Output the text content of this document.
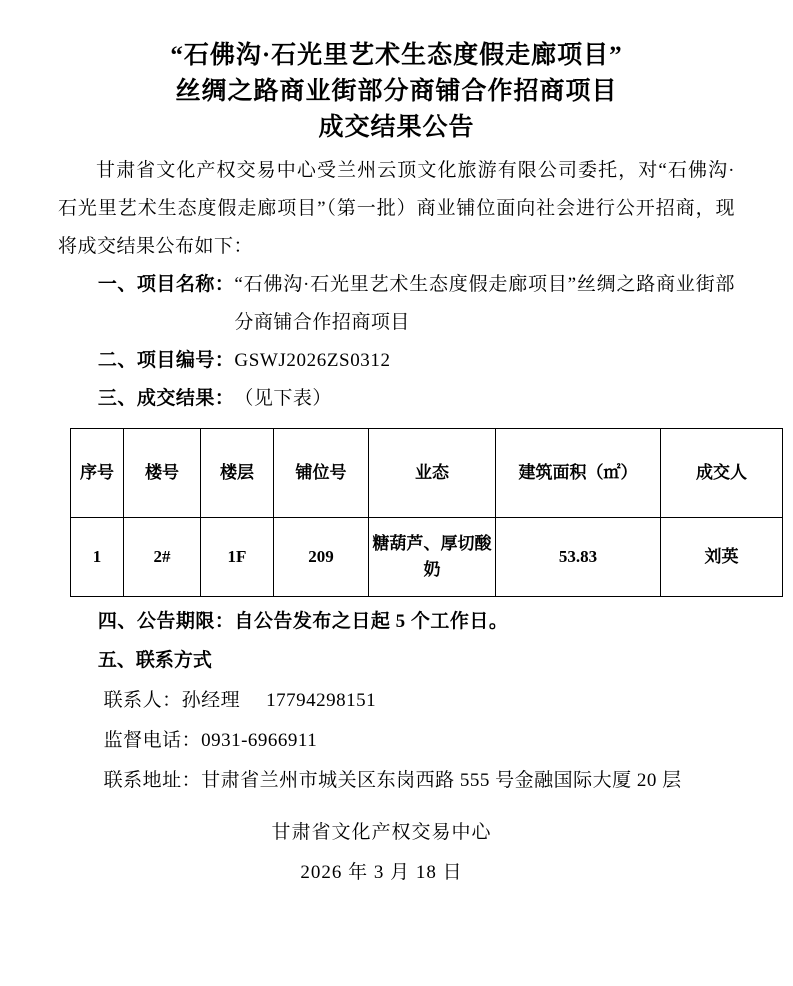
“石佛沟·石光里艺术生态度假走廊项目”
丝绸之路商业街部分商铺合作招商项目
成交结果公告

甘肃省文化产权交易中心受兰州云顶文化旅游有限公司委托，对“石佛沟·石光里艺术生态度假走廊项目”（第一批）商业铺位面向社会进行公开招商，现将成交结果公布如下：

一、项目名称： “石佛沟·石光里艺术生态度假走廊项目”丝绸之路商业街部分商铺合作招商项目
二、项目编号： GSWJ2026ZS0312
三、成交结果： （见下表）
序号	楼号	楼层	铺位号	业态	建筑面积（㎡）	成交人
1	2#	1F	209	糖葫芦、厚切酸奶	53.83	刘英
四、公告期限： 自公告发布之日起 5 个工作日。
五、联系方式
联系人：孙经理 17794298151
监督电话：0931-6966911
联系地址：甘肃省兰州市城关区东岗西路 555 号金融国际大厦 20 层
甘肃省文化产权交易中心
2026 年 3 月 18 日
